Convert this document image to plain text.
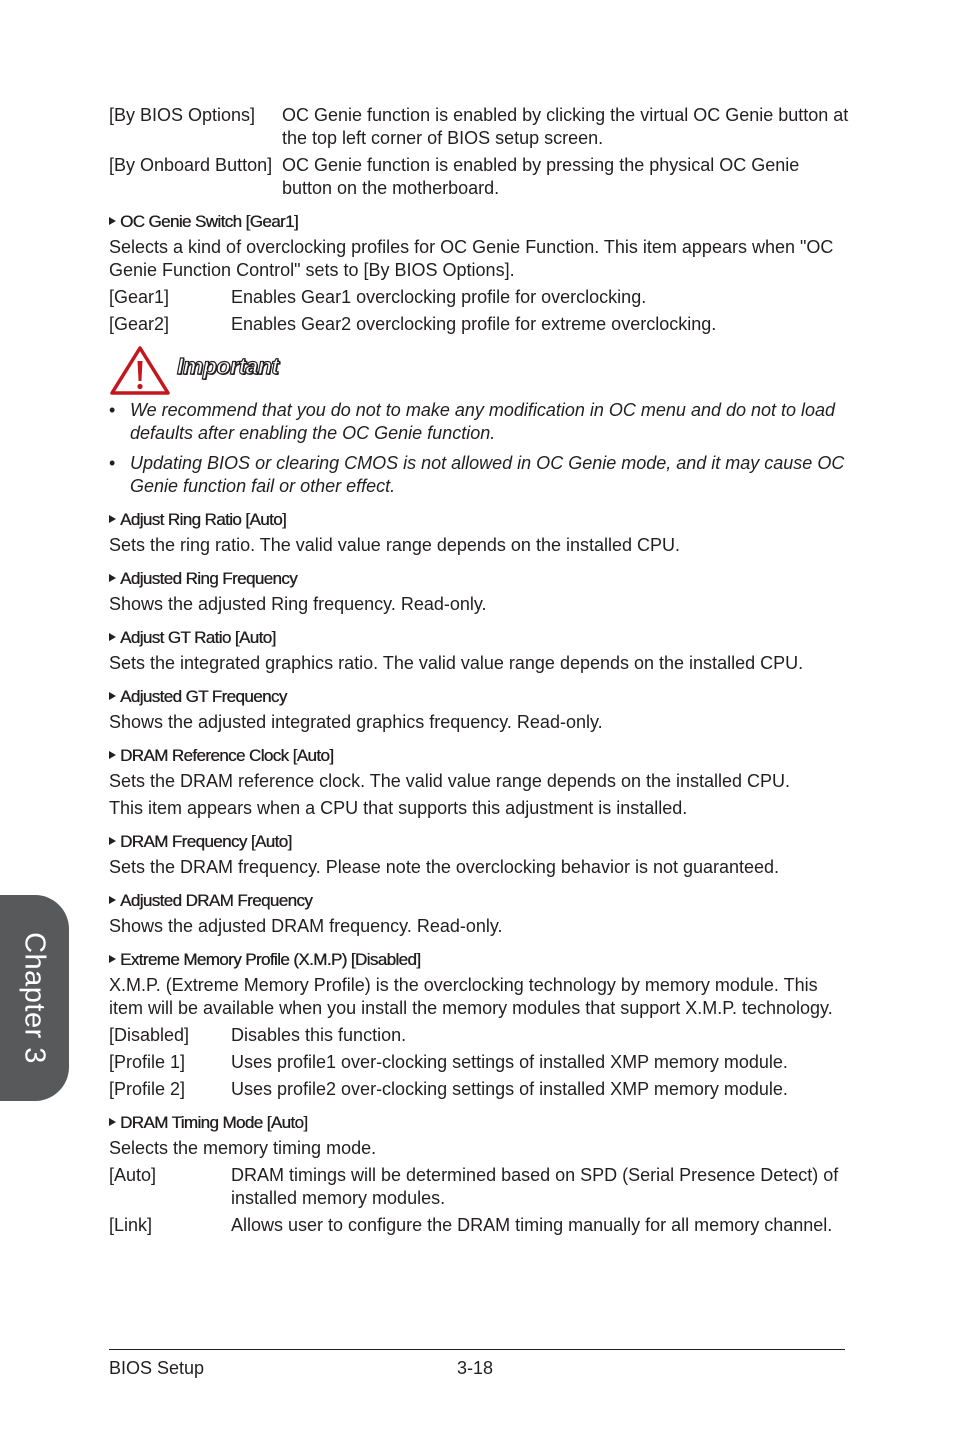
[By BIOS Options]	OC Genie function is enabled by clicking the virtual OC Genie button at the top left corner of BIOS setup screen.
[By Onboard Button] OC Genie function is enabled by pressing the physical OC Genie button on the motherboard.
OC Genie Switch [Gear1]
Selects a kind of overclocking profiles for OC Genie Function. This item appears when "OC Genie Function Control" sets to [By BIOS Options].
[Gear1]	Enables Gear1 overclocking profile for overclocking.
[Gear2]	Enables Gear2 overclocking profile for extreme overclocking.
Important
• We recommend that you do not to make any modification in OC menu and do not to load defaults after enabling the OC Genie function.
• Updating BIOS or clearing CMOS is not allowed in OC Genie mode, and it may cause OC Genie function fail or other effect.
Adjust Ring Ratio [Auto]
Sets the ring ratio. The valid value range depends on the installed CPU.
Adjusted Ring Frequency
Shows the adjusted Ring frequency. Read-only.
Adjust GT Ratio [Auto]
Sets the integrated graphics ratio. The valid value range depends on the installed CPU.
Adjusted GT Frequency
Shows the adjusted integrated graphics frequency. Read-only.
DRAM Reference Clock [Auto]
Sets the DRAM reference clock. The valid value range depends on the installed CPU.
This item appears when a CPU that supports this adjustment is installed.
DRAM Frequency [Auto]
Sets the DRAM frequency. Please note the overclocking behavior is not guaranteed.
Adjusted DRAM Frequency
Shows the adjusted DRAM frequency. Read-only.
Extreme Memory Profile (X.M.P) [Disabled]
X.M.P. (Extreme Memory Profile) is the overclocking technology by memory module. This item will be available when you install the memory modules that support X.M.P. technology.
[Disabled]	Disables this function.
[Profile 1]	Uses profile1 over-clocking settings of installed XMP memory module.
[Profile 2]	Uses profile2 over-clocking settings of installed XMP memory module.
DRAM Timing Mode [Auto]
Selects the memory timing mode.
[Auto]	DRAM timings will be determined based on SPD (Serial Presence Detect) of installed memory modules.
[Link]	Allows user to configure the DRAM timing manually for all memory channel.
Chapter 3
BIOS Setup	3-18
